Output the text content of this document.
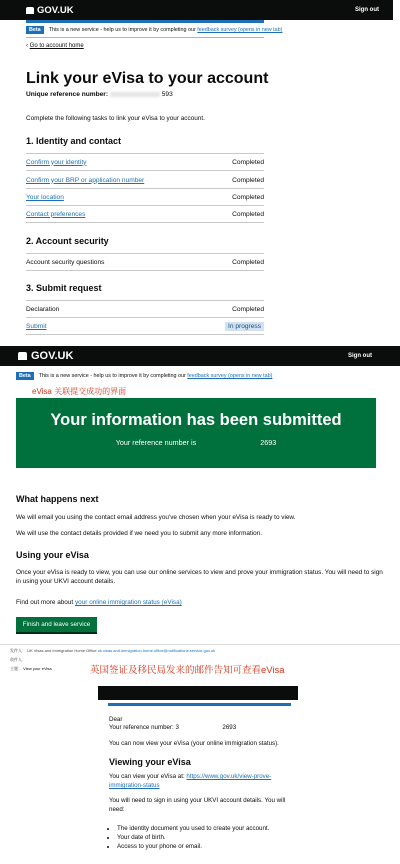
GOV.UK	Sign out
Beta	This is a new service - help us to improve it by completing our
feedback survey (opens in new tab)
‹ Go to account home
Link your eVisa to your account
Unique reference number:	593
Complete the following tasks to link your eVisa to your account.
1. Identity and contact
Confirm your identity	Completed
Confirm your BRP or application number	Completed
Your location	Completed
Contact preferences	Completed
2. Account security
Account security questions	Completed
3. Submit request
Declaration	Completed
Submit	In progress
GOV.UK	Sign out
Beta	This is a new service - help us to improve it by completing our
feedback survey (opens in new tab)
eVisa 关联提交成功的界面
Your information has been submitted
Your reference number is	2693
What happens next
We will email you using the contact email address you've chosen when your eVisa is ready to view.
We will use the contact details provided if we need you to submit any more information.
Using your eVisa
Once your eVisa is ready to view, you can use our online services to view and prove your immigration status. You will need to sign in using your UKVI account details.
Find out more about your online immigration status (eVisa)
Finish and leave service
发件人： UK Visas and Immigration Home Office uk.visas.and.immigration.home.office@notifications.service.gov.uk
收件人：
主题： View your eVisa	英国签证及移民局发来的邮件告知可查看eVisa
Dear
Your reference number: 3	2693
You can now view your eVisa (your online immigration status).
Viewing your eVisa
You can view your eVisa at: https://www.gov.uk/view-prove-immigration-status
You will need to sign in using your UKVI account details. You will need:
• The identity document you used to create your account.
• Your date of birth.
• Access to your phone or email.
